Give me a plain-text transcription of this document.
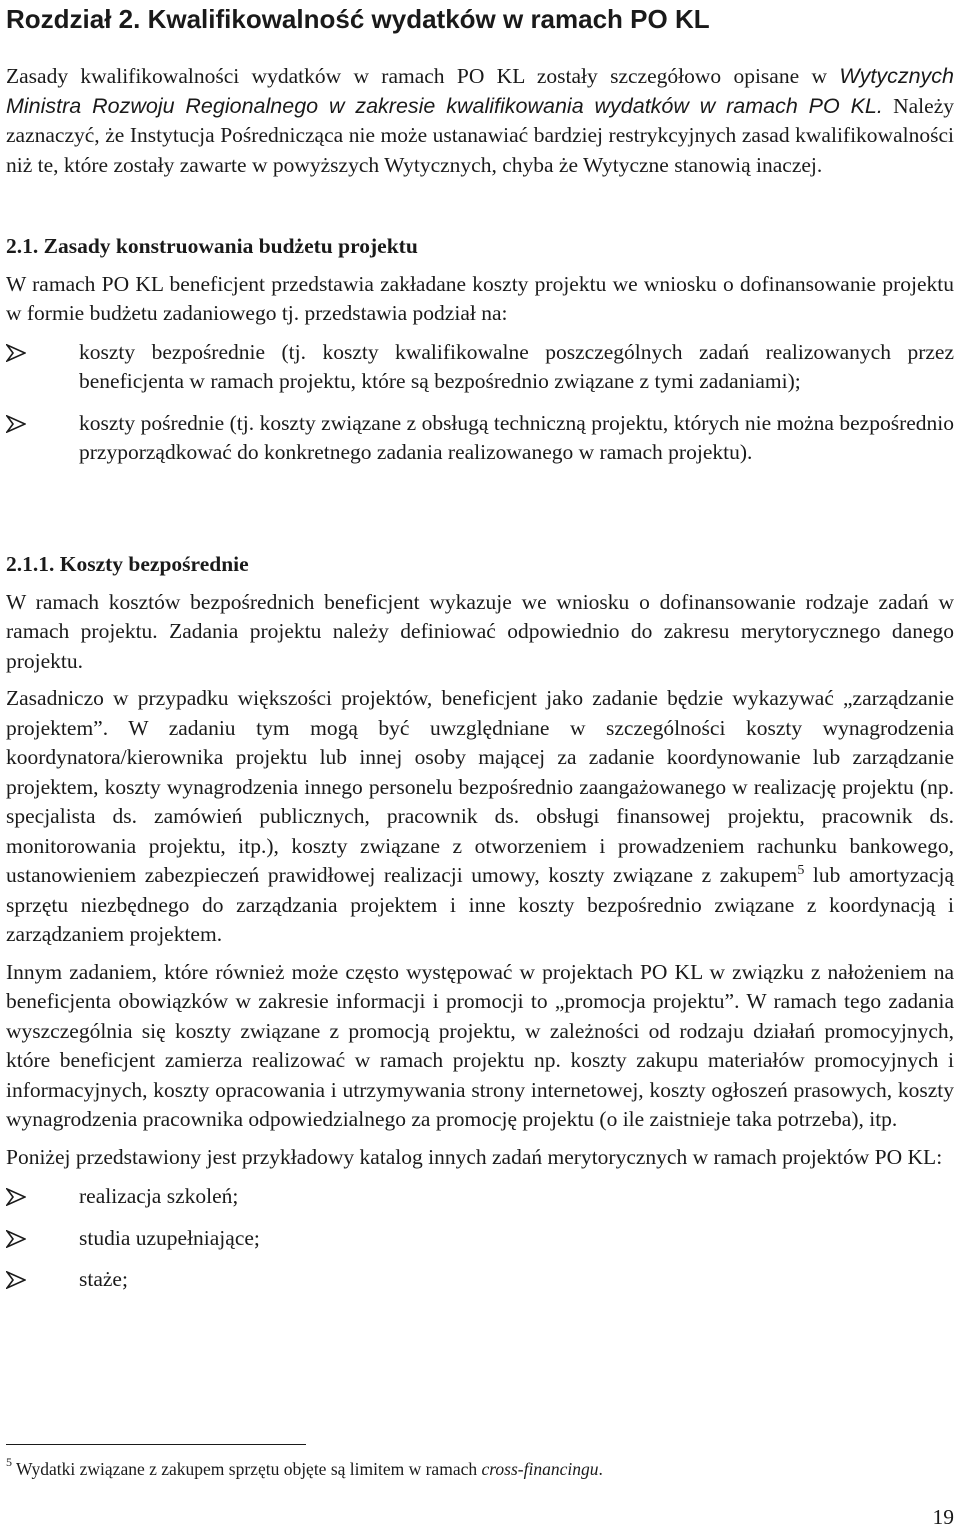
Rozdział 2. Kwalifikowalność wydatków w ramach PO KL

Zasady kwalifikowalności wydatków w ramach PO KL zostały szczegółowo opisane w Wytycznych Ministra Rozwoju Regionalnego w zakresie kwalifikowania wydatków w ramach PO KL. Należy zaznaczyć, że Instytucja Pośrednicząca nie może ustanawiać bardziej restrykcyjnych zasad kwalifikowalności niż te, które zostały zawarte w powyższych Wytycznych, chyba że Wytyczne stanowią inaczej.

2.1. Zasady konstruowania budżetu projektu

W ramach PO KL beneficjent przedstawia zakładane koszty projektu we wniosku o dofinansowanie projektu w formie budżetu zadaniowego tj. przedstawia podział na:

koszty bezpośrednie (tj. koszty kwalifikowalne poszczególnych zadań realizowanych przez beneficjenta w ramach projektu, które są bezpośrednio związane z tymi zadaniami);
koszty pośrednie (tj. koszty związane z obsługą techniczną projektu, których nie można bezpośrednio przyporządkować do konkretnego zadania realizowanego w ramach projektu).
2.1.1. Koszty bezpośrednie

W ramach kosztów bezpośrednich beneficjent wykazuje we wniosku o dofinansowanie rodzaje zadań w ramach projektu. Zadania projektu należy definiować odpowiednio do zakresu merytorycznego danego projektu.

Zasadniczo w przypadku większości projektów, beneficjent jako zadanie będzie wykazywać „zarządzanie projektem”. W zadaniu tym mogą być uwzględniane w szczególności koszty wynagrodzenia koordynatora/kierownika projektu lub innej osoby mającej za zadanie koordynowanie lub zarządzanie projektem, koszty wynagrodzenia innego personelu bezpośrednio zaangażowanego w realizację projektu (np. specjalista ds. zamówień publicznych, pracownik ds. obsługi finansowej projektu, pracownik ds. monitorowania projektu, itp.), koszty związane z otworzeniem i prowadzeniem rachunku bankowego, ustanowieniem zabezpieczeń prawidłowej realizacji umowy, koszty związane z zakupem$^5$ lub amortyzacją sprzętu niezbędnego do zarządzania projektem i inne koszty bezpośrednio związane z koordynacją i zarządzaniem projektem.

Innym zadaniem, które również może często występować w projektach PO KL w związku z nałożeniem na beneficjenta obowiązków w zakresie informacji i promocji to „promocja projektu”. W ramach tego zadania wyszczególnia się koszty związane z promocją projektu, w zależności od rodzaju działań promocyjnych, które beneficjent zamierza realizować w ramach projektu np. koszty zakupu materiałów promocyjnych i informacyjnych, koszty opracowania i utrzymywania strony internetowej, koszty ogłoszeń prasowych, koszty wynagrodzenia pracownika odpowiedzialnego za promocję projektu (o ile zaistnieje taka potrzeba), itp.

Poniżej przedstawiony jest przykładowy katalog innych zadań merytorycznych w ramach projektów PO KL:

realizacja szkoleń;
studia uzupełniające;
staże;
$^5$ Wydatki związane z zakupem sprzętu objęte są limitem w ramach cross-financingu.
19
